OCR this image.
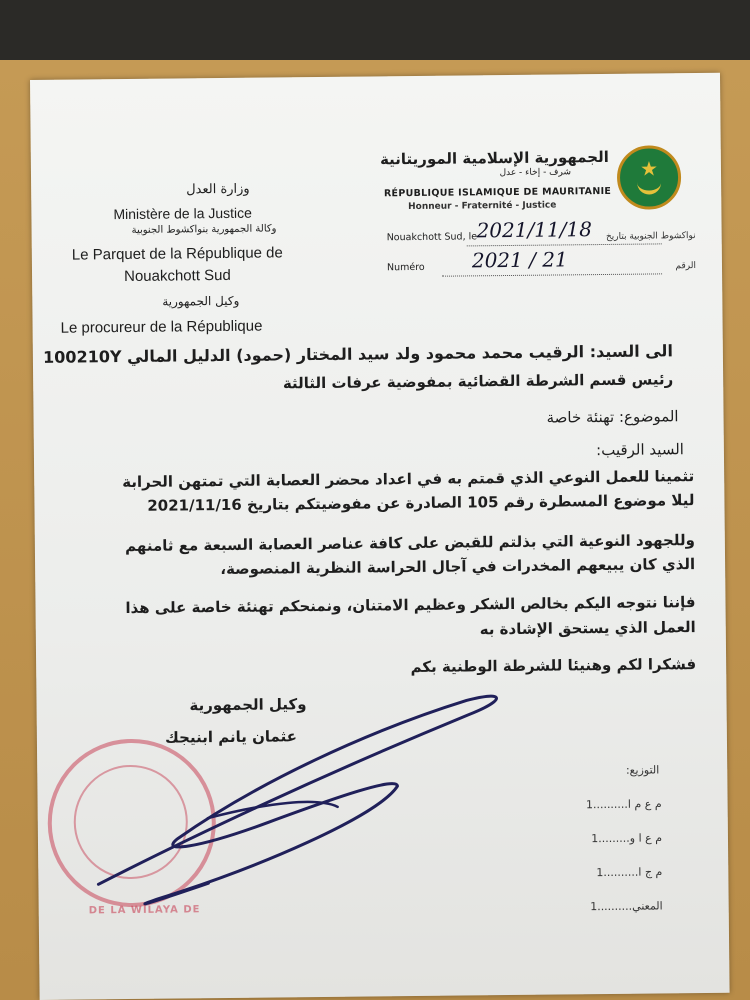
★
الجمهورية الإسلامية الموريتانية
شرف - إخاء - عدل
RÉPUBLIQUE ISLAMIQUE DE MAURITANIE
Honneur - Fraternité - Justice
وزارة العدل
Ministère de la Justice
وكالة الجمهورية بنواكشوط الجنوبية
Le Parquet de la République de
Nouakchott Sud
وكيل الجمهورية
Le procureur de la République
Nouakchott Sud, le 2021/11/18 نواكشوط الجنوبية بتاريخ
Numéro 2021 / 21	الرقم
الى السيد: الرقيب محمد محمود ولد سيد المختار (حمود) الدليل المالي 100210Y
رئيس قسم الشرطة القضائية بمفوضية عرفات الثالثة
الموضوع: تهنئة خاصة
السيد الرقيب:
تثمينا للعمل النوعي الذي قمتم به في اعداد محضر العصابة التي تمتهن الحرابة
ليلا موضوع المسطرة رقم 105 الصادرة عن مفوضيتكم بتاريخ 2021/11/16
وللجهود النوعية التي بذلتم للقبض على كافة عناصر العصابة السبعة مع ثامنهم
الذي كان يبيعهم المخدرات في آجال الحراسة النظرية المنصوصة،
فإننا نتوجه اليكم بخالص الشكر وعظيم الامتنان، ونمنحكم تهنئة خاصة على هذا
العمل الذي يستحق الإشادة به
فشكرا لكم وهنيئا للشرطة الوطنية بكم
وكيل الجمهورية
عثمان يانم ابنيجك
التوزيع:
م ع م ا..........1
م ع ا و.........1
م ج ا..........1
المعني..........1
DE LA WILAYA DE
